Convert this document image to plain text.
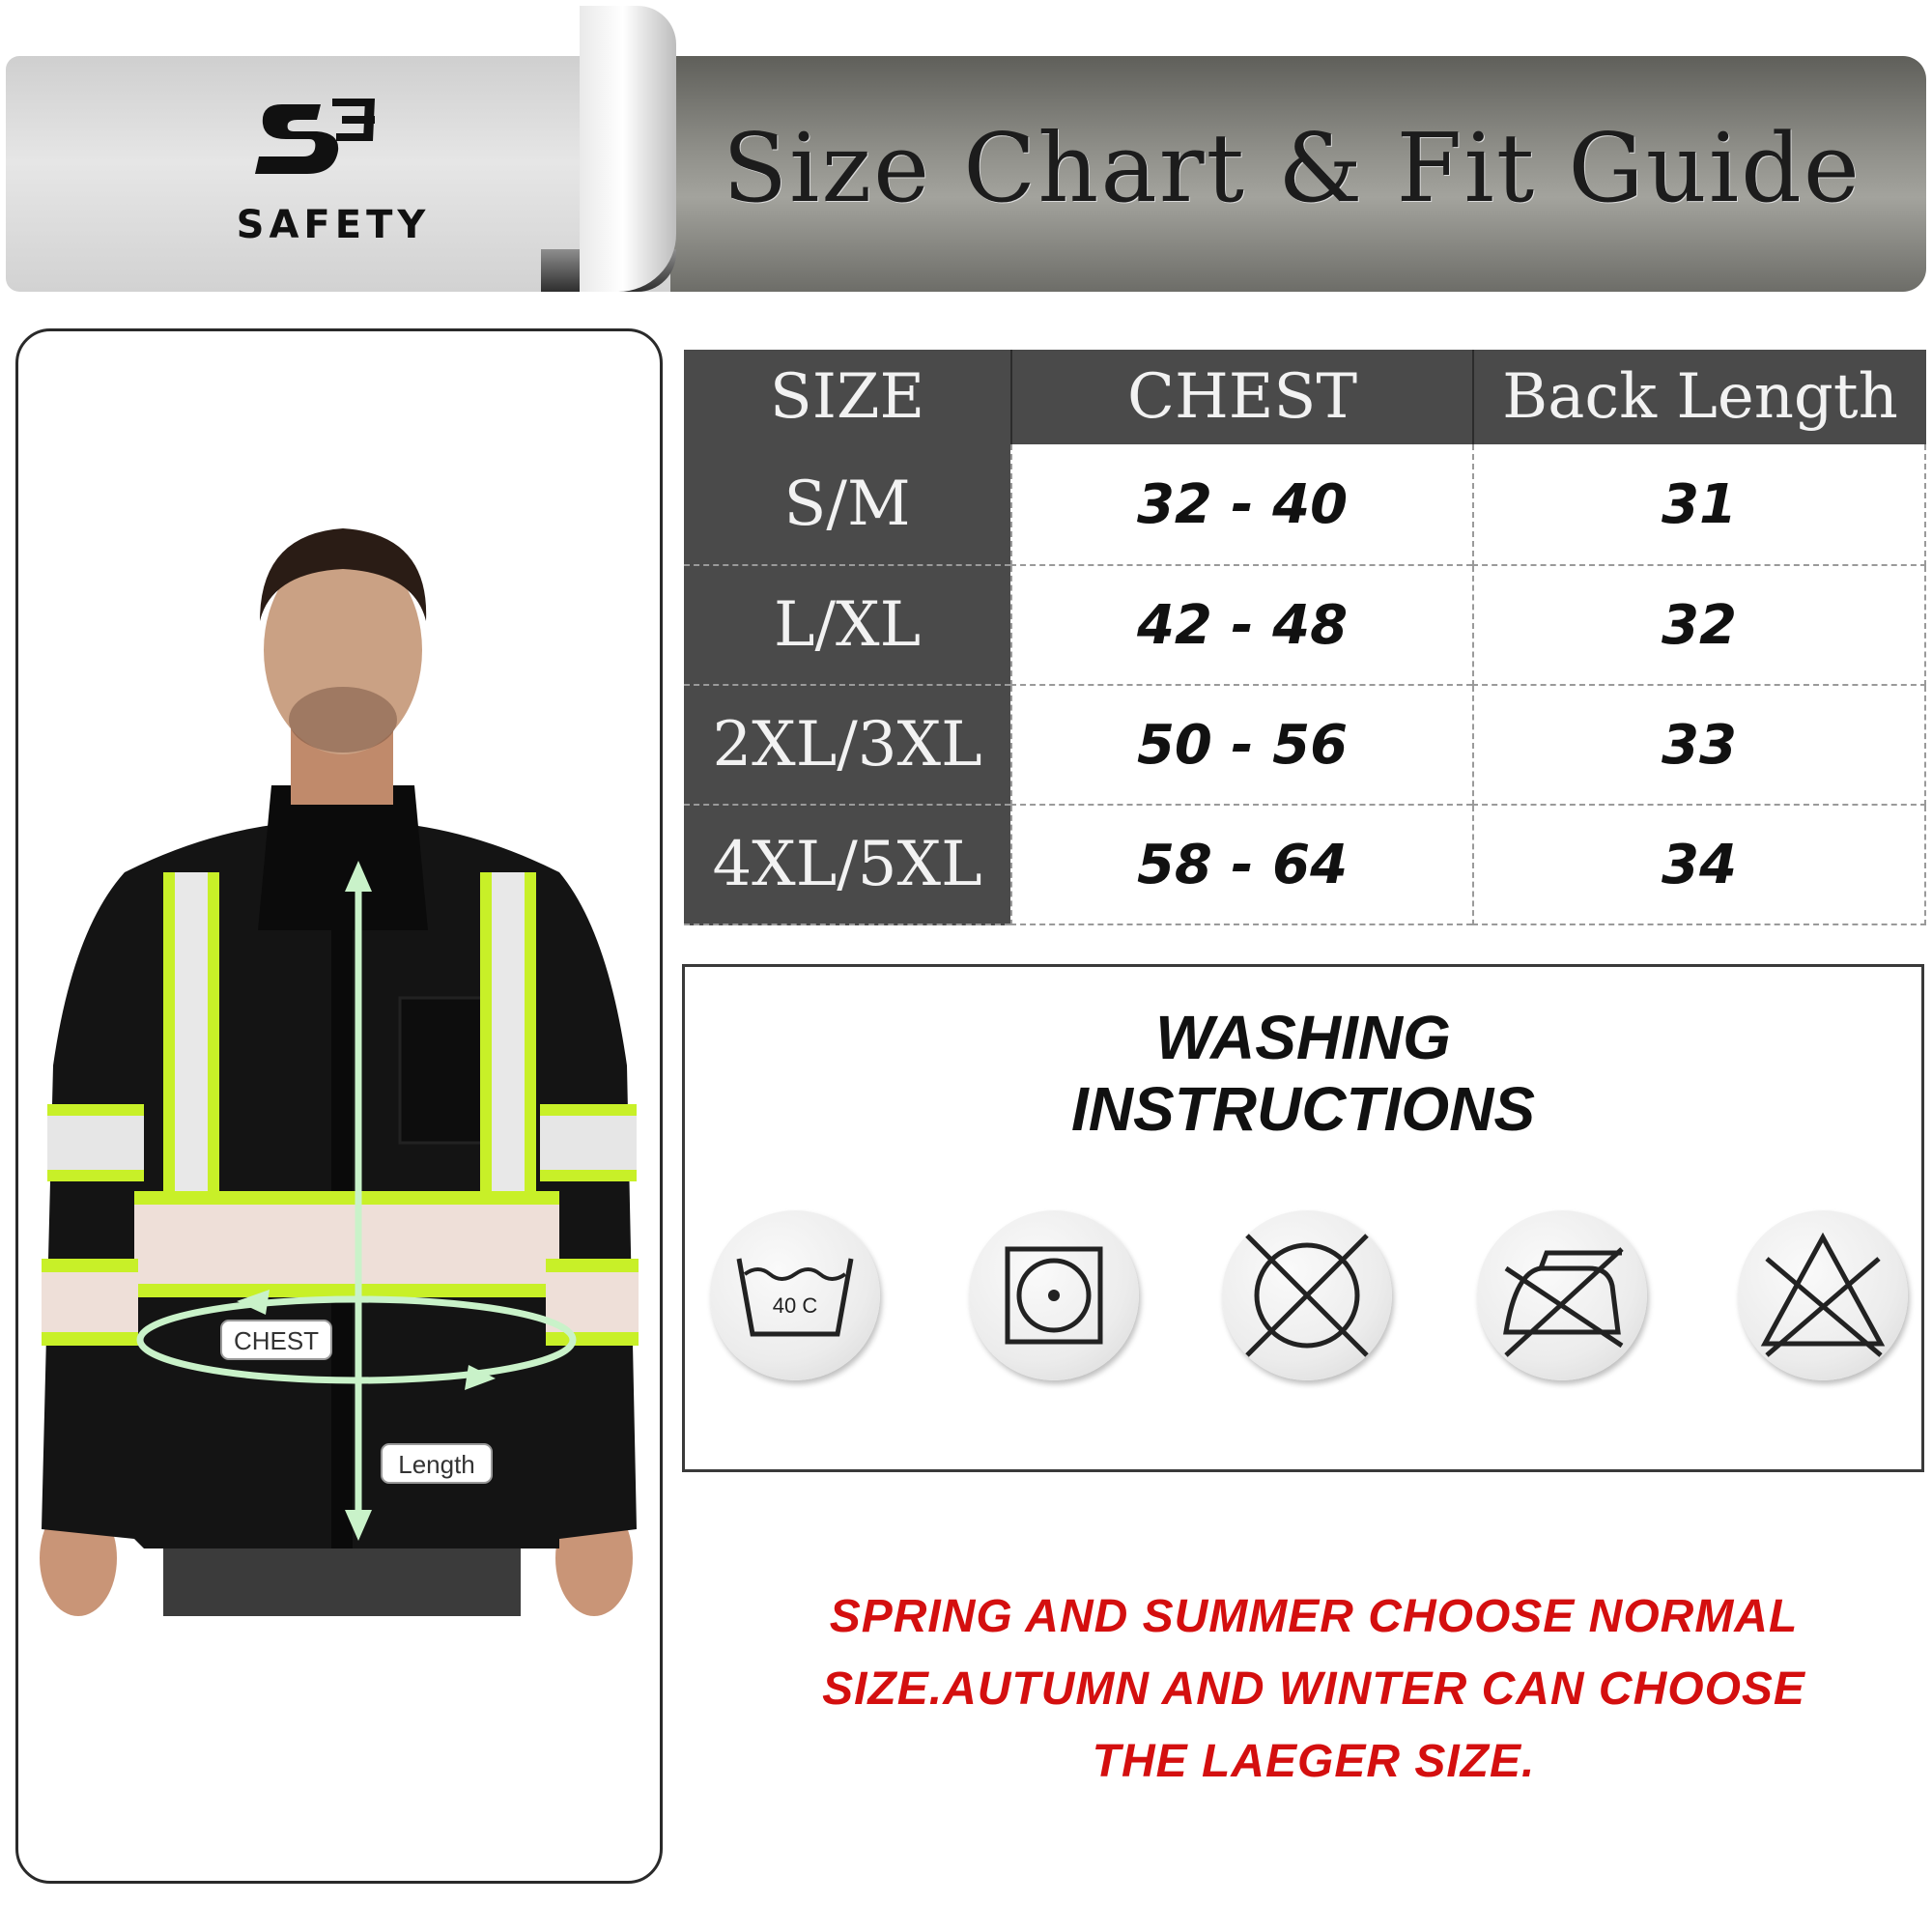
SAFETY
Size Chart & Fit Guide
CHEST
Length
SIZE	CHEST	Back Length
S/M	32 - 40	31
L/XL	42 - 48	32
2XL/3XL	50 - 56	33
4XL/5XL	58 - 64	34
WASHING
INSTRUCTIONS
40 C
SPRING AND SUMMER CHOOSE NORMAL
SIZE.AUTUMN AND WINTER CAN CHOOSE
THE LAEGER SIZE.
